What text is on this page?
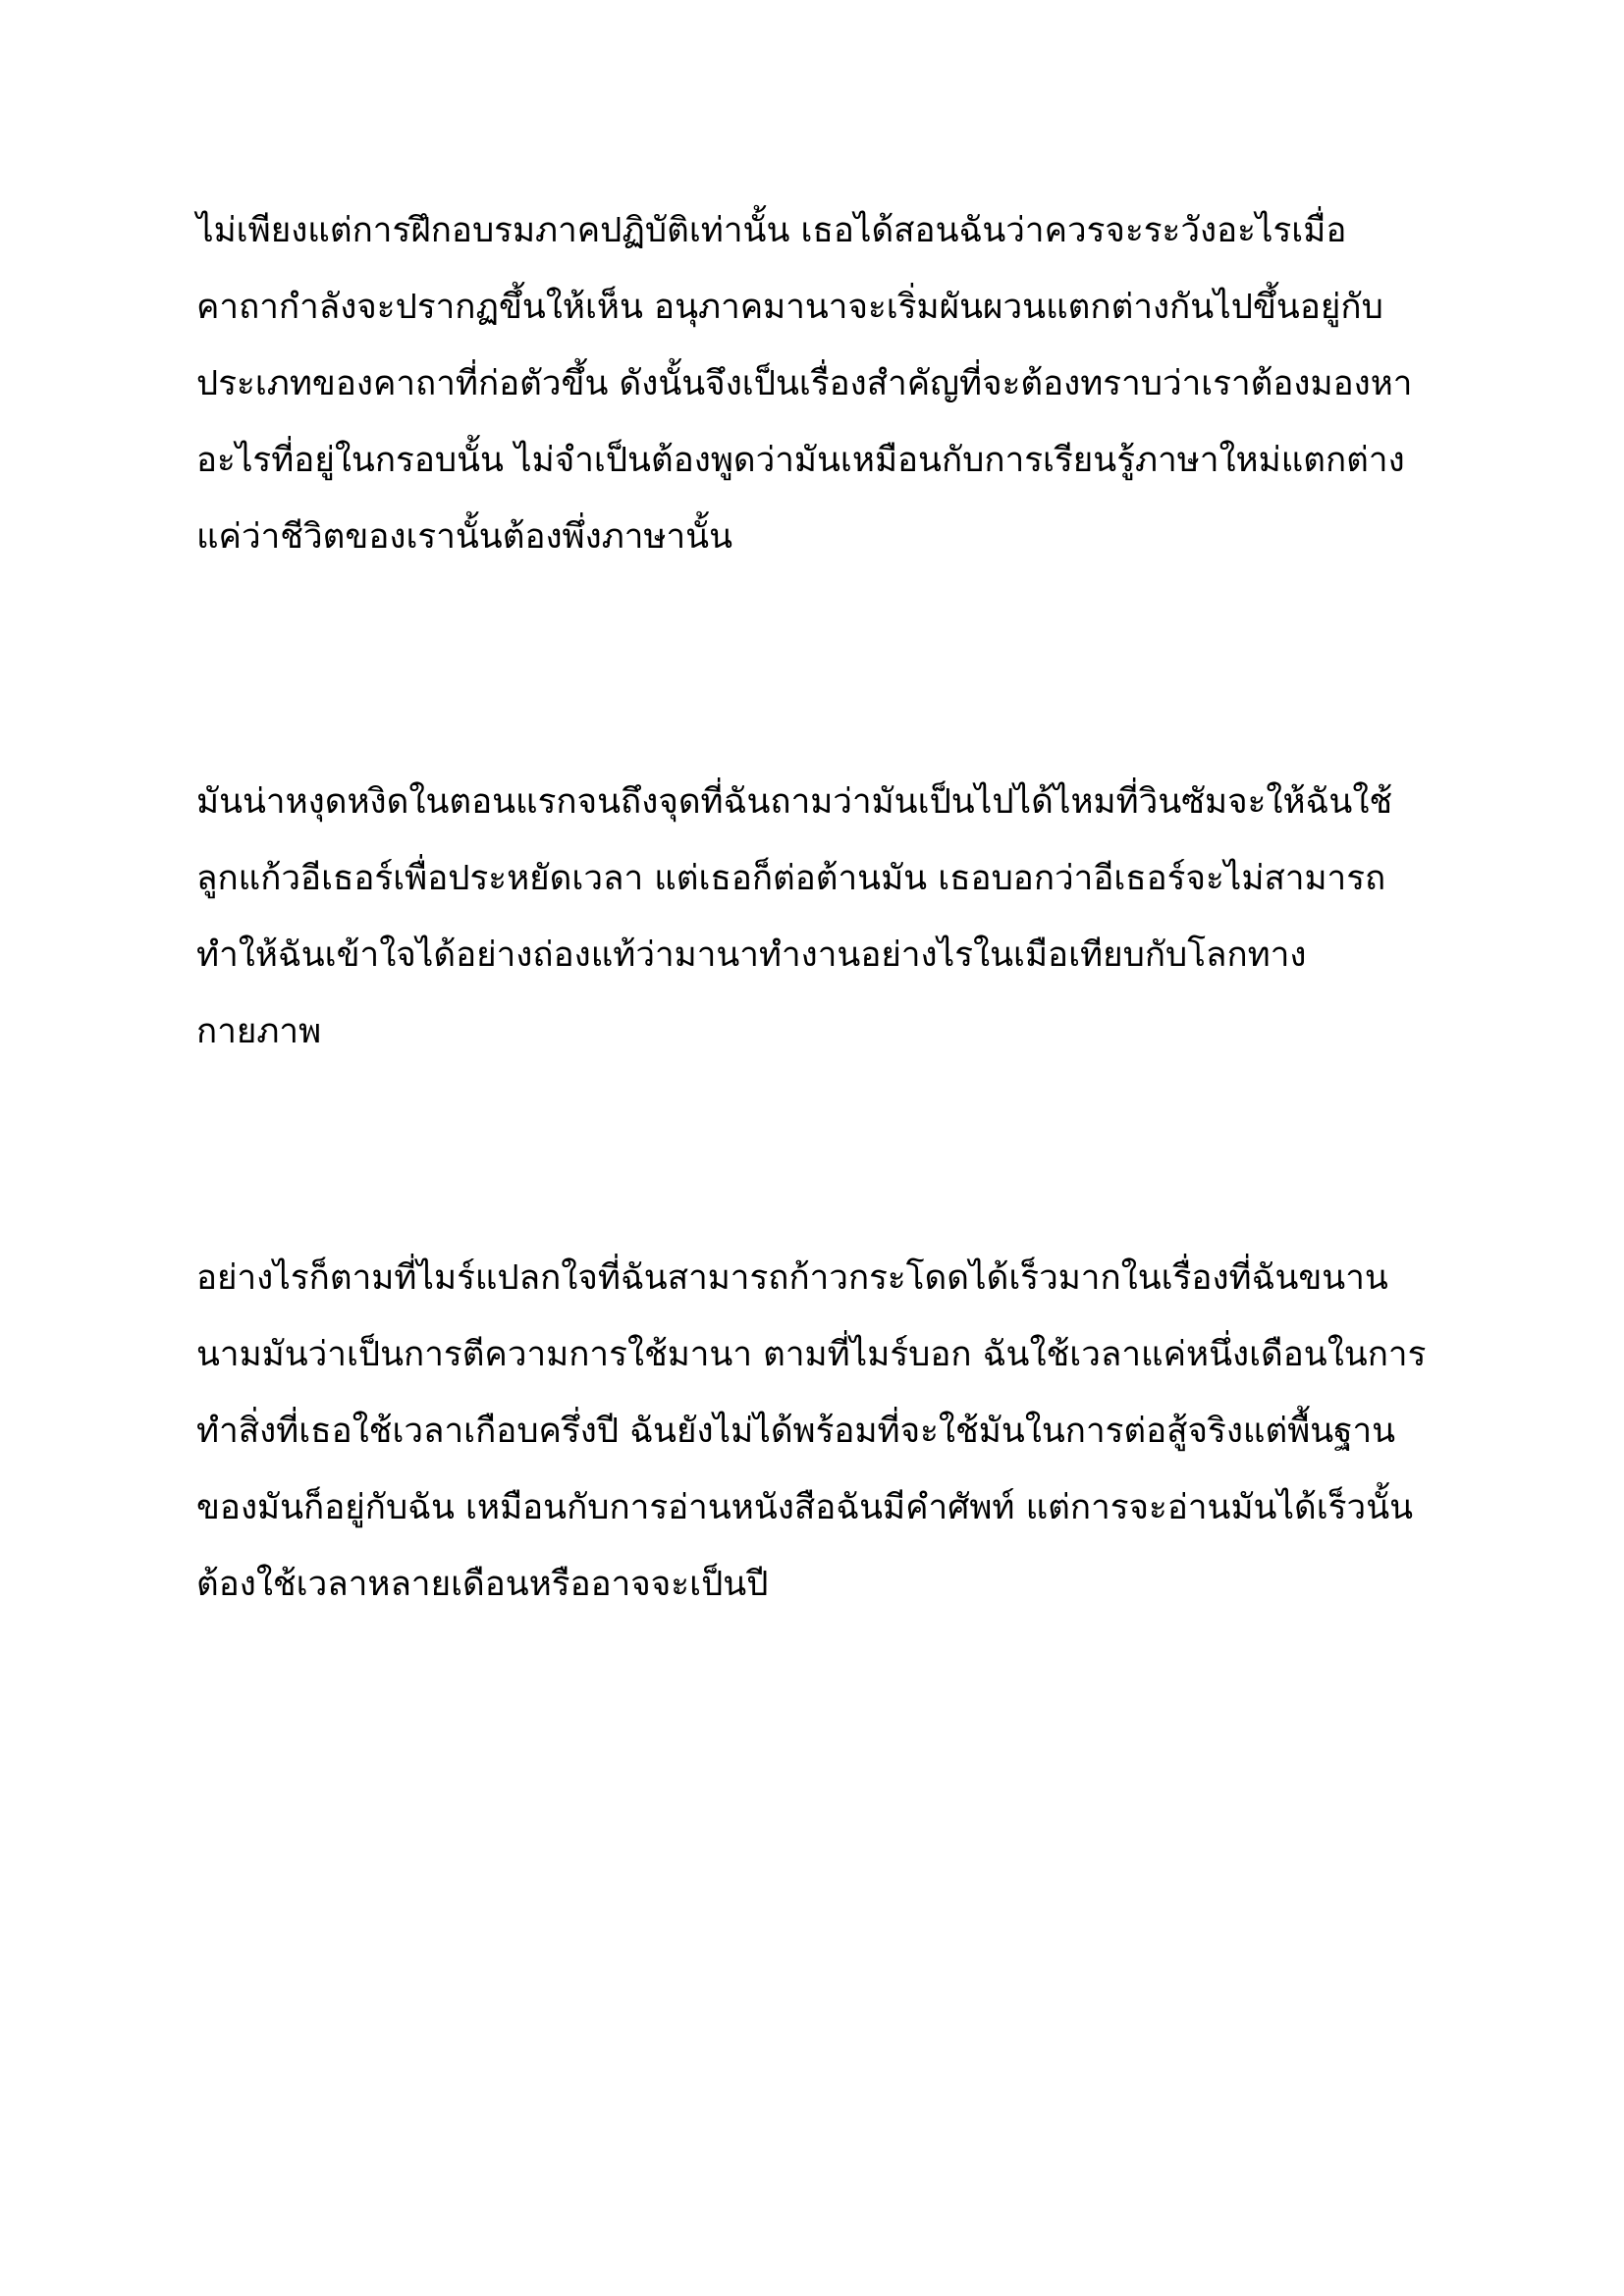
ไม่เพียงแต่การฝึกอบรมภาคปฏิบัติเท่านั้น เธอได้สอนฉันว่าควรจะระวังอะไรเมื่อ
คาถากำลังจะปรากฏขึ้นให้เห็น อนุภาคมานาจะเริ่มผันผวนแตกต่างกันไปขึ้นอยู่กับ
ประเภทของคาถาที่ก่อตัวขึ้น ดังนั้นจึงเป็นเรื่องสำคัญที่จะต้องทราบว่าเราต้องมองหา
อะไรที่อยู่ในกรอบนั้น ไม่จำเป็นต้องพูดว่ามันเหมือนกับการเรียนรู้ภาษาใหม่แตกต่าง
แค่ว่าชีวิตของเรานั้นต้องพึ่งภาษานั้น
มันน่าหงุดหงิดในตอนแรกจนถึงจุดที่ฉันถามว่ามันเป็นไปได้ไหมที่วินซัมจะให้ฉันใช้
ลูกแก้วอีเธอร์เพื่อประหยัดเวลา แต่เธอก็ต่อต้านมัน เธอบอกว่าอีเธอร์จะไม่สามารถ
ทำให้ฉันเข้าใจได้อย่างถ่องแท้ว่ามานาทำงานอย่างไรในเมือเทียบกับโลกทาง
กายภาพ
อย่างไรก็ตามที่ไมร์แปลกใจที่ฉันสามารถก้าวกระโดดได้เร็วมากในเรื่องที่ฉันขนาน
นามมันว่าเป็นการตีความการใช้มานา ตามที่ไมร์บอก ฉันใช้เวลาแค่หนึ่งเดือนในการ
ทำสิ่งที่เธอใช้เวลาเกือบครึ่งปี ฉันยังไม่ได้พร้อมที่จะใช้มันในการต่อสู้จริงแต่พื้นฐาน
ของมันก็อยู่กับฉัน เหมือนกับการอ่านหนังสือฉันมีคำศัพท์ แต่การจะอ่านมันได้เร็วนั้น
ต้องใช้เวลาหลายเดือนหรืออาจจะเป็นปี
